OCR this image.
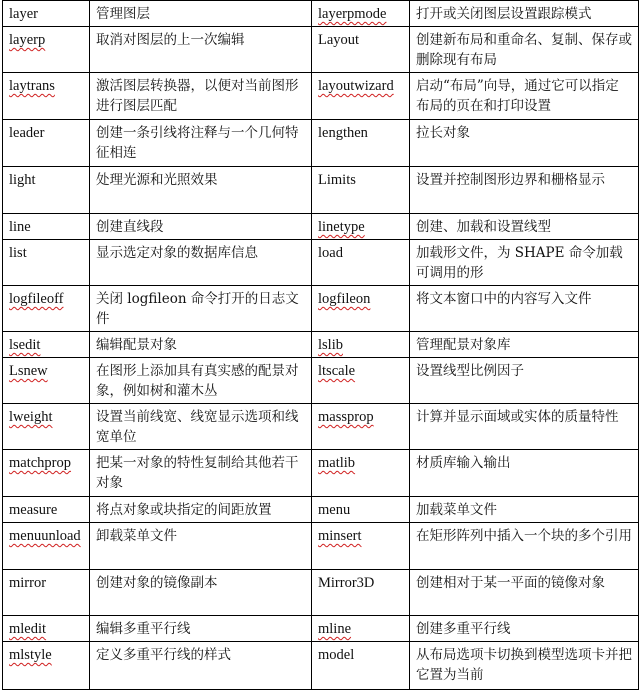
layer	管理图层	layerpmode	打开或关闭图层设置跟踪模式
layerp	取消对图层的上一次编辑	Layout	创建新布局和重命名、复制、保存或删除现有布局
laytrans	激活图层转换器，以便对当前图形进行图层匹配	layoutwizard	启动“布局”向导，通过它可以指定布局的页在和打印设置
leader	创建一条引线将注释与一个几何特征相连	lengthen	拉长对象
light	处理光源和光照效果	Limits	设置并控制图形边界和栅格显示
line	创建直线段	linetype	创建、加载和设置线型
list	显示选定对象的数据库信息	load	加载形文件，为 SHAPE 命令加载可调用的形
logfileoff	关闭 logfileon 命令打开的日志文件	logfileon	将文本窗口中的内容写入文件
lsedit	编辑配景对象	lslib	管理配景对象库
Lsnew	在图形上添加具有真实感的配景对象，例如树和灌木丛	ltscale	设置线型比例因子
lweight	设置当前线宽、线宽显示选项和线宽单位	massprop	计算并显示面域或实体的质量特性
matchprop	把某一对象的特性复制给其他若干对象	matlib	材质库输入输出
measure	将点对象或块指定的间距放置	menu	加载菜单文件
menuunload	卸载菜单文件	minsert	在矩形阵列中插入一个块的多个引用
mirror	创建对象的镜像副本	Mirror3D	创建相对于某一平面的镜像对象
mledit	编辑多重平行线	mline	创建多重平行线
mlstyle	定义多重平行线的样式	model	从布局选项卡切换到模型选项卡并把它置为当前
